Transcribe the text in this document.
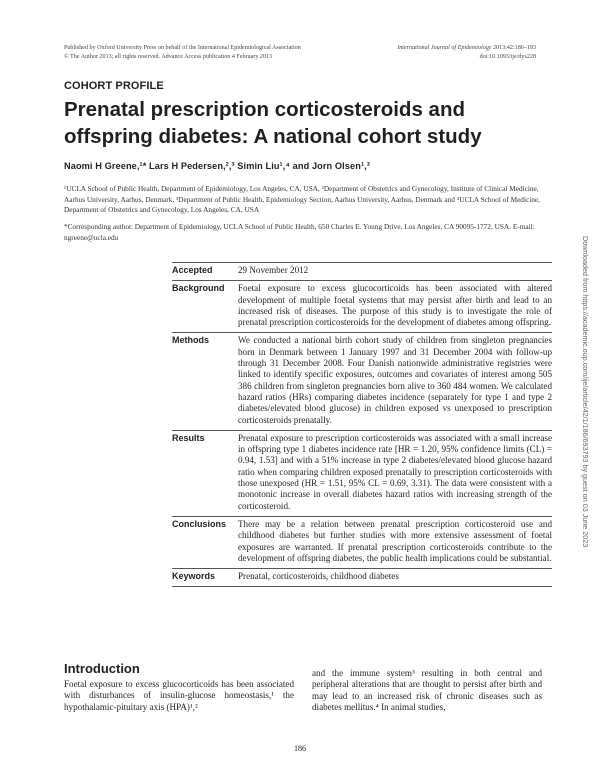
Published by Oxford University Press on behalf of the International Epidemiological Association
© The Author 2013; all rights reserved. Advance Access publication 4 February 2013
International Journal of Epidemiology 2013;42:186–193
doi:10.1093/ije/dys228
COHORT PROFILE
Prenatal prescription corticosteroids and offspring diabetes: A national cohort study
Naomi H Greene,¹* Lars H Pedersen,²,³ Simin Liu¹,⁴ and Jorn Olsen¹,³
¹UCLA School of Public Health, Department of Epidemiology, Los Angeles, CA, USA, ²Department of Obstetrics and Gynecology, Institute of Clinical Medicine, Aarhus University, Aarhus, Denmark, ³Department of Public Health, Epidemiology Section, Aarhus University, Aarhus, Denmark and ⁴UCLA School of Medicine, Department of Obstetrics and Gynecology, Los Angeles, CA, USA
*Corresponding author. Department of Epidemiology, UCLA School of Public Health, 650 Charles E. Young Drive, Los Angeles, CA 90095-1772, USA. E-mail: ngreene@ucla.edu
Accepted	29 November 2012
Background	Foetal exposure to excess glucocorticoids has been associated with altered development of multiple foetal systems that may persist after birth and lead to an increased risk of diseases. The purpose of this study is to investigate the role of prenatal prescription corticosteroids for the development of diabetes among offspring.
Methods	We conducted a national birth cohort study of children from singleton pregnancies born in Denmark between 1 January 1997 and 31 December 2004 with follow-up through 31 December 2008. Four Danish nationwide administrative registries were linked to identify specific exposures, outcomes and covariates of interest among 505 386 children from singleton pregnancies born alive to 360 484 women. We calculated hazard ratios (HRs) comparing diabetes incidence (separately for type 1 and type 2 diabetes/elevated blood glucose) in children exposed vs unexposed to prescription corticosteroids prenatally.
Results	Prenatal exposure to prescription corticosteroids was associated with a small increase in offspring type 1 diabetes incidence rate [HR = 1.20, 95% confidence limits (CL) = 0.94, 1.53] and with a 51% increase in type 2 diabetes/elevated blood glucose hazard ratio when comparing children exposed prenatally to prescription corticosteroids with those unexposed (HR = 1.51, 95% CL = 0.69, 3.31). The data were consistent with a monotonic increase in overall diabetes hazard ratios with increasing strength of the corticosteroid.
Conclusions	There may be a relation between prenatal prescription corticosteroid use and childhood diabetes but further studies with more extensive assessment of foetal exposures are warranted. If prenatal prescription corticosteroids contribute to the development of offspring diabetes, the public health implications could be substantial.
Keywords	Prenatal, corticosteroids, childhood diabetes
Introduction
Foetal exposure to excess glucocorticoids has been associated with disturbances of insulin-glucose homeostasis,¹ the hypothalamic-pituitary axis (HPA)¹,²
and the immune system³ resulting in both central and peripheral alterations that are thought to persist after birth and may lead to an increased risk of chronic diseases such as diabetes mellitus.⁴ In animal studies,
186
Downloaded from https://academic.oup.com/ije/article/42/1/186/693793 by guest on 03 June 2023
